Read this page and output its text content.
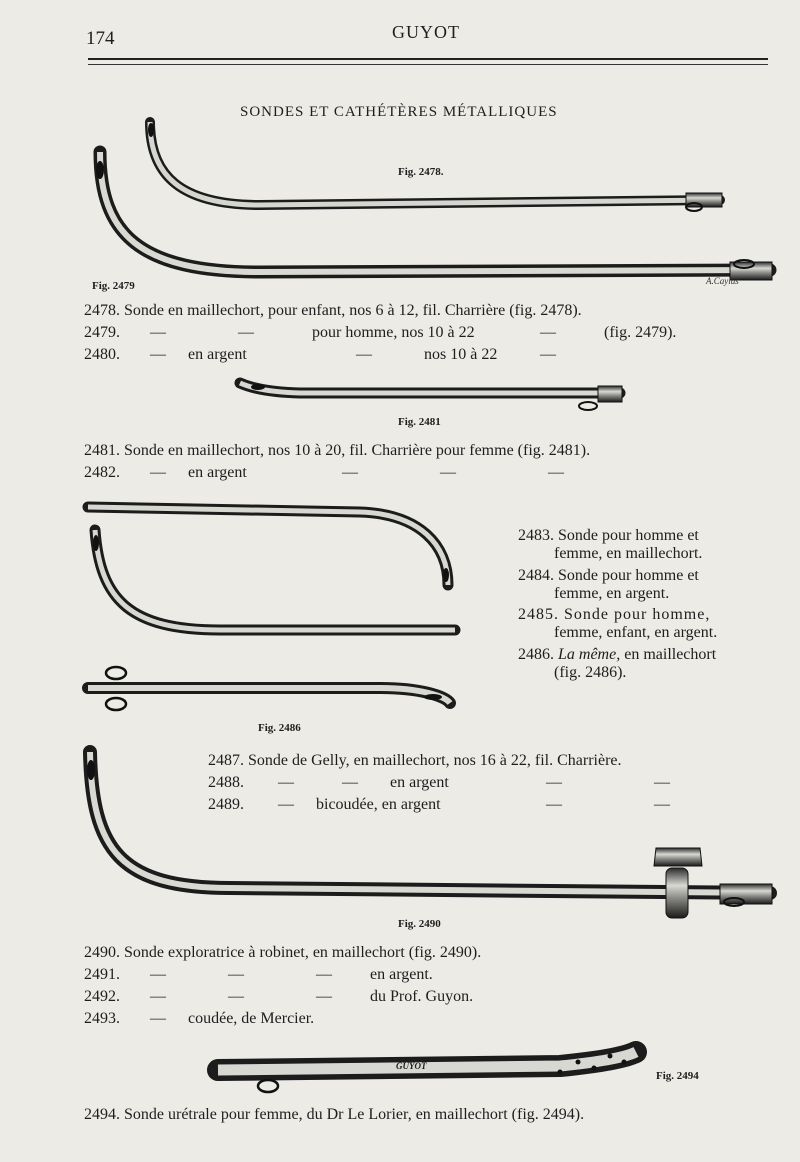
174	GUYOT
SONDES ET CATHÉTÈRES MÉTALLIQUES
A.Caylus
GUYOT
Fig. 2478.
Fig. 2479
Fig. 2481
Fig. 2486
Fig. 2490
Fig. 2494
2478. Sonde en maillechort, pour enfant, nos 6 à 12, fil. Charrière (fig. 2478).
2479. —	—	pour homme, nos 10 à 22	—	(fig. 2479).
2480. — en argent	—	nos 10 à 22	—
2481. Sonde en maillechort, nos 10 à 20, fil. Charrière pour femme (fig. 2481).
2482. — en argent	—	—	—
2483. Sonde pour homme et
femme, en maillechort.
2484. Sonde pour homme et
femme, en argent.
2485. Sonde pour homme,
femme, enfant, en argent.
2486. La même, en maillechort
(fig. 2486).
2487. Sonde de Gelly, en maillechort, nos 16 à 22, fil. Charrière.
2488. —	— en argent	—	—
2489. — bicoudée, en argent	—	—
2490. Sonde exploratrice à robinet, en maillechort (fig. 2490).
2491. —	—	— en argent.
2492. —	—	— du Prof. Guyon.
2493. — coudée, de Mercier.
2494. Sonde urétrale pour femme, du Dr Le Lorier, en maillechort (fig. 2494).
